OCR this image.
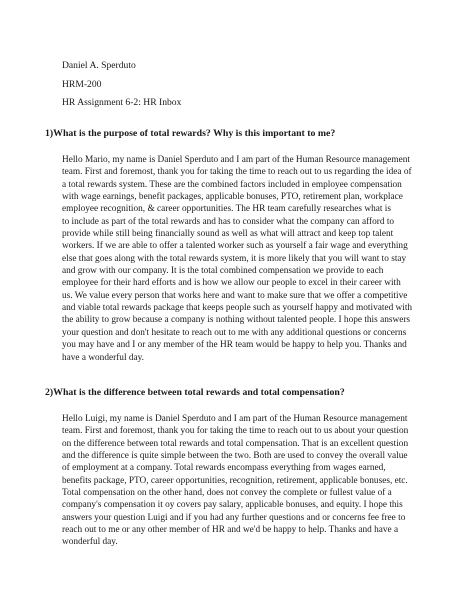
Daniel A. Sperduto
HRM-200
HR Assignment 6-2: HR Inbox
1)What is the purpose of total rewards? Why is this important to me?
Hello Mario, my name is Daniel Sperduto and I am part of the Human Resource management
team. First and foremost, thank you for taking the time to reach out to us regarding the idea of
a total rewards system. These are the combined factors included in employee compensation
with wage earnings, benefit packages, applicable bonuses, PTO, retirement plan, workplace
employee recognition, & career opportunities. The HR team carefully researches what is
to include as part of the total rewards and has to consider what the company can afford to
provide while still being financially sound as well as what will attract and keep top talent
workers. If we are able to offer a talented worker such as yourself a fair wage and everything
else that goes along with the total rewards system, it is more likely that you will want to stay
and grow with our company. It is the total combined compensation we provide to each
employee for their hard efforts and is how we allow our people to excel in their career with
us. We value every person that works here and want to make sure that we offer a competitive
and viable total rewards package that keeps people such as yourself happy and motivated with
the ability to grow because a company is nothing without talented people. I hope this answers
your question and don't hesitate to reach out to me with any additional questions or concerns
you may have and I or any member of the HR team would be happy to help you. Thanks and
have a wonderful day.
2)What is the difference between total rewards and total compensation?
Hello Luigi, my name is Daniel Sperduto and I am part of the Human Resource management
team. First and foremost, thank you for taking the time to reach out to us about your question
on the difference between total rewards and total compensation. That is an excellent question
and the difference is quite simple between the two. Both are used to convey the overall value
of employment at a company. Total rewards encompass everything from wages earned,
benefits package, PTO, career opportunities, recognition, retirement, applicable bonuses, etc.
Total compensation on the other hand, does not convey the complete or fullest value of a
company's compensation it oy covers pay salary, applicable bonuses, and equity. I hope this
answers your question Luigi and if you had any further questions and or concerns fee free to
reach out to me or any other member of HR and we'd be happy to help. Thanks and have a
wonderful day.
